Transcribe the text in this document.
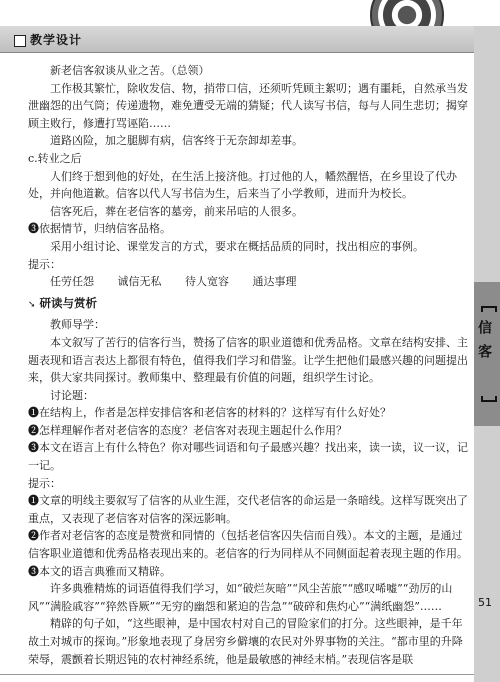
教学设计
信客
51

新老信客叙谈从业之苦。（总领）

工作极其繁忙，除收发信、物，捎带口信，还须听凭顾主絮叨；遇有噩耗，自然承当发泄幽怨的出气筒；传递遗物，难免遭受无端的猜疑；代人读写书信，每与人同生悲切；揭穿顾主败行，修遭打骂诬陷……

道路凶险，加之腿脚有病，信客终于无奈卸却差事。

c.转业之后

人们终于想到他的好处，在生活上接济他。打过他的人，幡然醒悟，在乡里设了代办处，并向他道歉。信客以代人写书信为生，后来当了小学教师，进而升为校长。

信客死后，葬在老信客的墓旁，前来吊唁的人很多。

❸依据情节，归纳信客品格。

采用小组讨论、课堂发言的方式，要求在概括品质的同时，找出相应的事例。

提示：

任劳任怨 诚信无私 待人宽容 通达事理

➘ 研读与赏析

教师导学：

本文叙写了苦行的信客行当，赞扬了信客的职业道德和优秀品格。文章在结构安排、主题表现和语言表达上都很有特色，值得我们学习和借鉴。让学生把他们最感兴趣的问题提出来，供大家共同探讨。教师集中、整理最有价值的问题，组织学生讨论。

讨论题：

❶在结构上，作者是怎样安排信客和老信客的材料的？这样写有什么好处？

❷怎样理解作者对老信客的态度？老信客对表现主题起什么作用？

❸本文在语言上有什么特色？你对哪些词语和句子最感兴趣？找出来，读一读，议一议，记一记。

提示：

❶文章的明线主要叙写了信客的从业生涯，交代老信客的命运是一条暗线。这样写既突出了重点，又表现了老信客对信客的深远影响。

❷作者对老信客的态度是赞赏和同情的（包括老信客囚失信而自残）。本文的主题，是通过信客职业道德和优秀品格表现出来的。老信客的行为同样从不同侧面起着表现主题的作用。

❸本文的语言典雅而又精辟。

许多典雅精炼的词语值得我们学习，如“破烂灰暗”“风尘苦旅”“感叹唏嘘”“劲厉的山风”“满脸戚容”“猝然昏厥”“无穷的幽怨和紧迫的告急”“破碎和焦灼心”“满纸幽怨”……

精辟的句子如，“这些眼神，是中国农村对自己的冒险家们的打分。这些眼神，是千年故土对城市的探询。”形象地表现了身居穷乡僻壤的农民对外界事物的关注。“都市里的升降荣辱，震颤着长期迟钝的农村神经系统，他是最敏感的神经末梢。”表现信客是联
